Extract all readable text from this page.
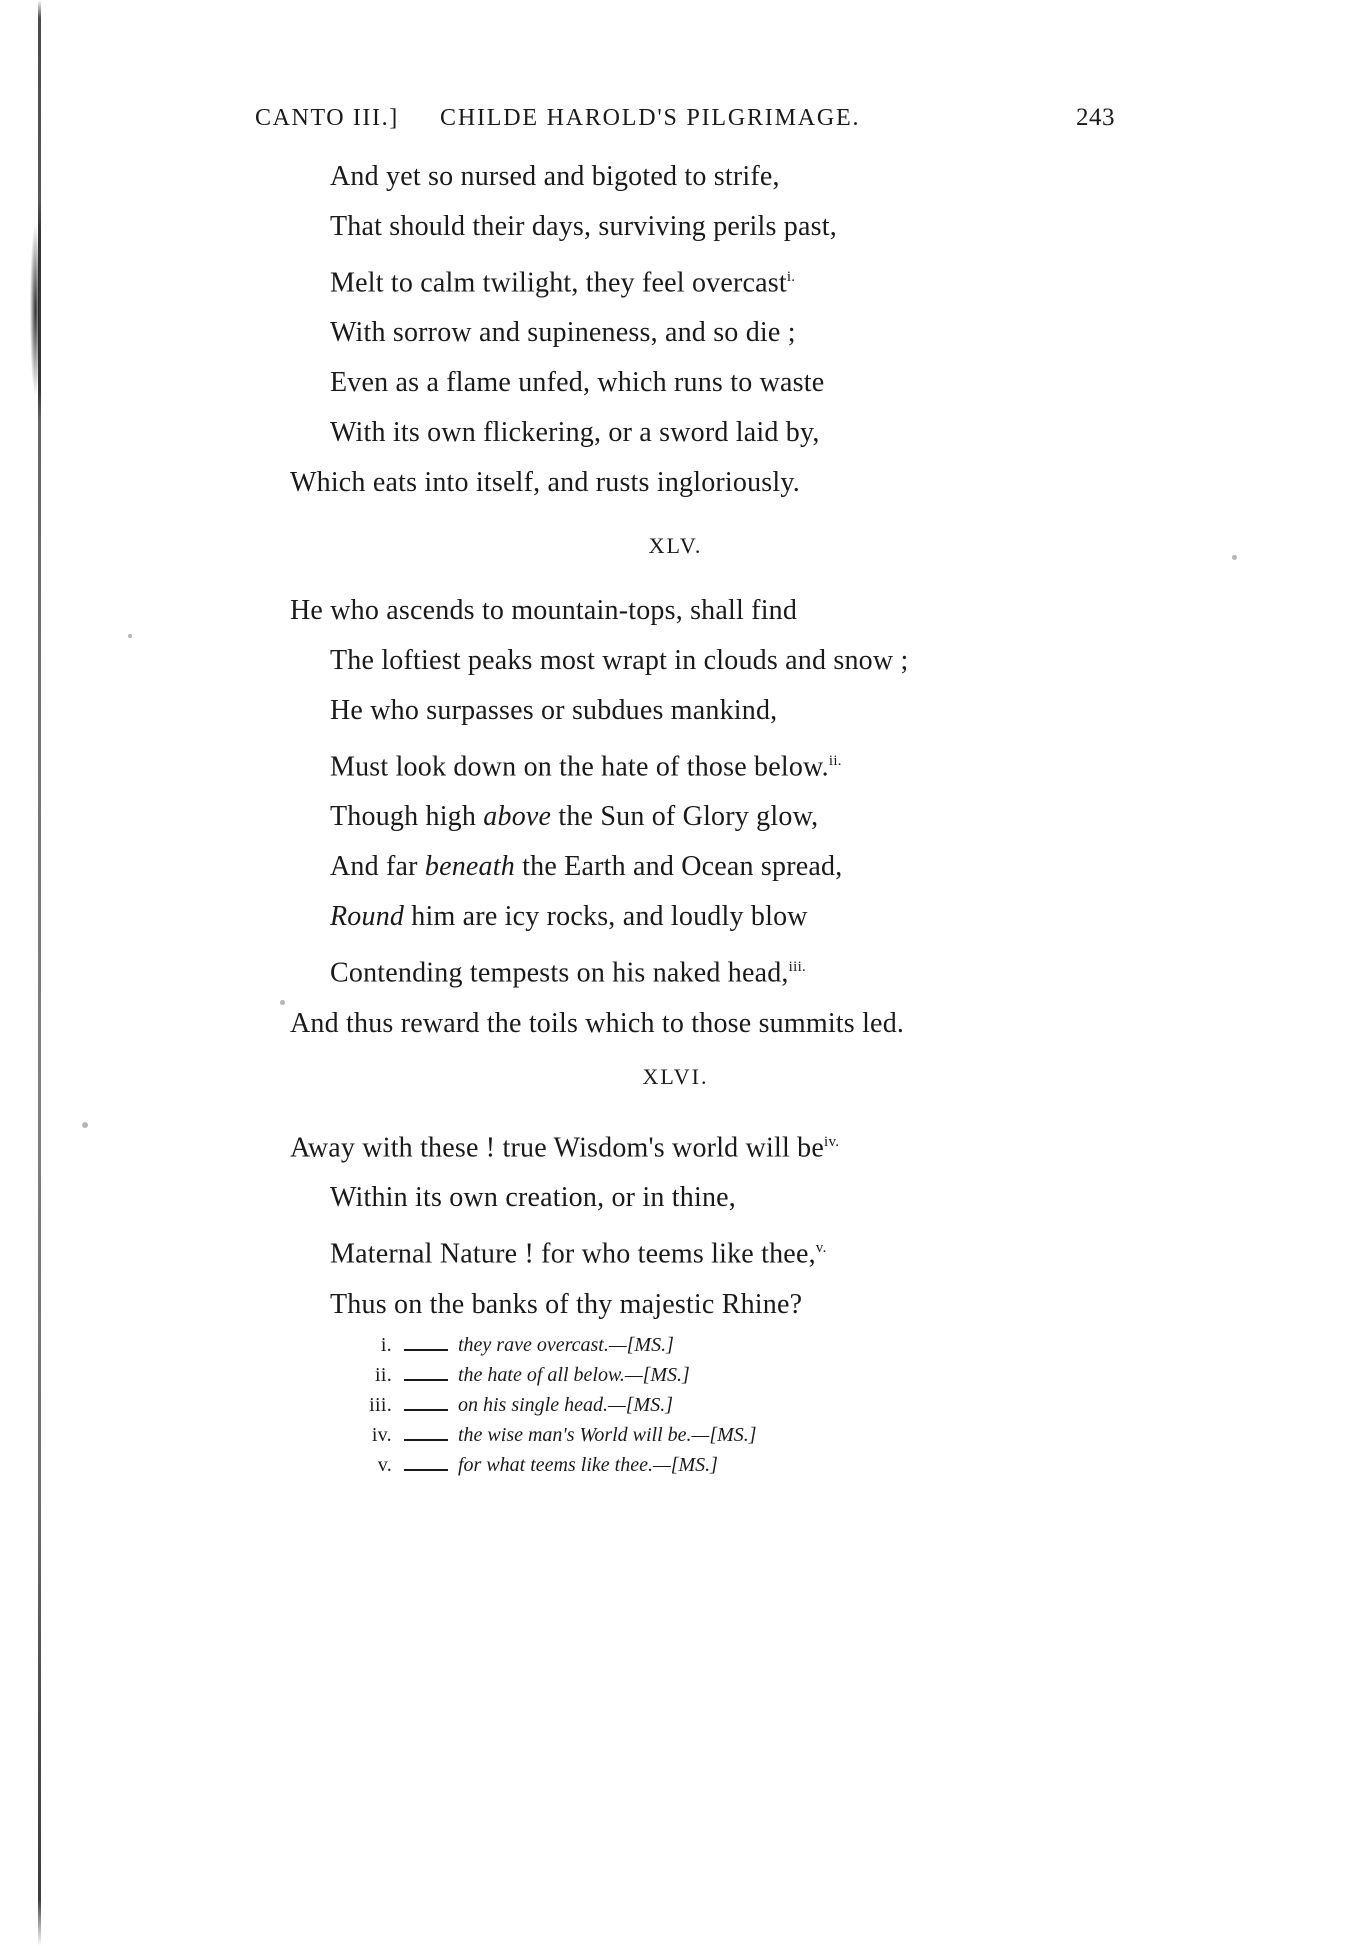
CANTO III.] CHILDE HAROLD'S PILGRIMAGE.	243
And yet so nursed and bigoted to strife,
That should their days, surviving perils past,
Melt to calm twilight, they feel overcast$^{i.}$
With sorrow and supineness, and so die ;
Even as a flame unfed, which runs to waste
With its own flickering, or a sword laid by,
Which eats into itself, and rusts ingloriously.
XLV.
He who ascends to mountain-tops, shall find
The loftiest peaks most wrapt in clouds and snow ;
He who surpasses or subdues mankind,
Must look down on the hate of those below.$^{ii.}$
Though high above the Sun of Glory glow,
And far beneath the Earth and Ocean spread,
Round him are icy rocks, and loudly blow
Contending tempests on his naked head,$^{iii.}$
And thus reward the toils which to those summits led.
XLVI.
Away with these ! true Wisdom's world will $be^{iv.}$
Within its own creation, or in thine,
Maternal Nature ! for who teems like thee,$^{v.}$
Thus on the banks of thy majestic Rhine?
i.	they rave overcast.—[MS.]
ii.	the hate of all below.—[MS.]
iii.	on his single head.—[MS.]
iv.	the wise man's World will be.—[MS.]
v.	for what teems like thee.—[MS.]
